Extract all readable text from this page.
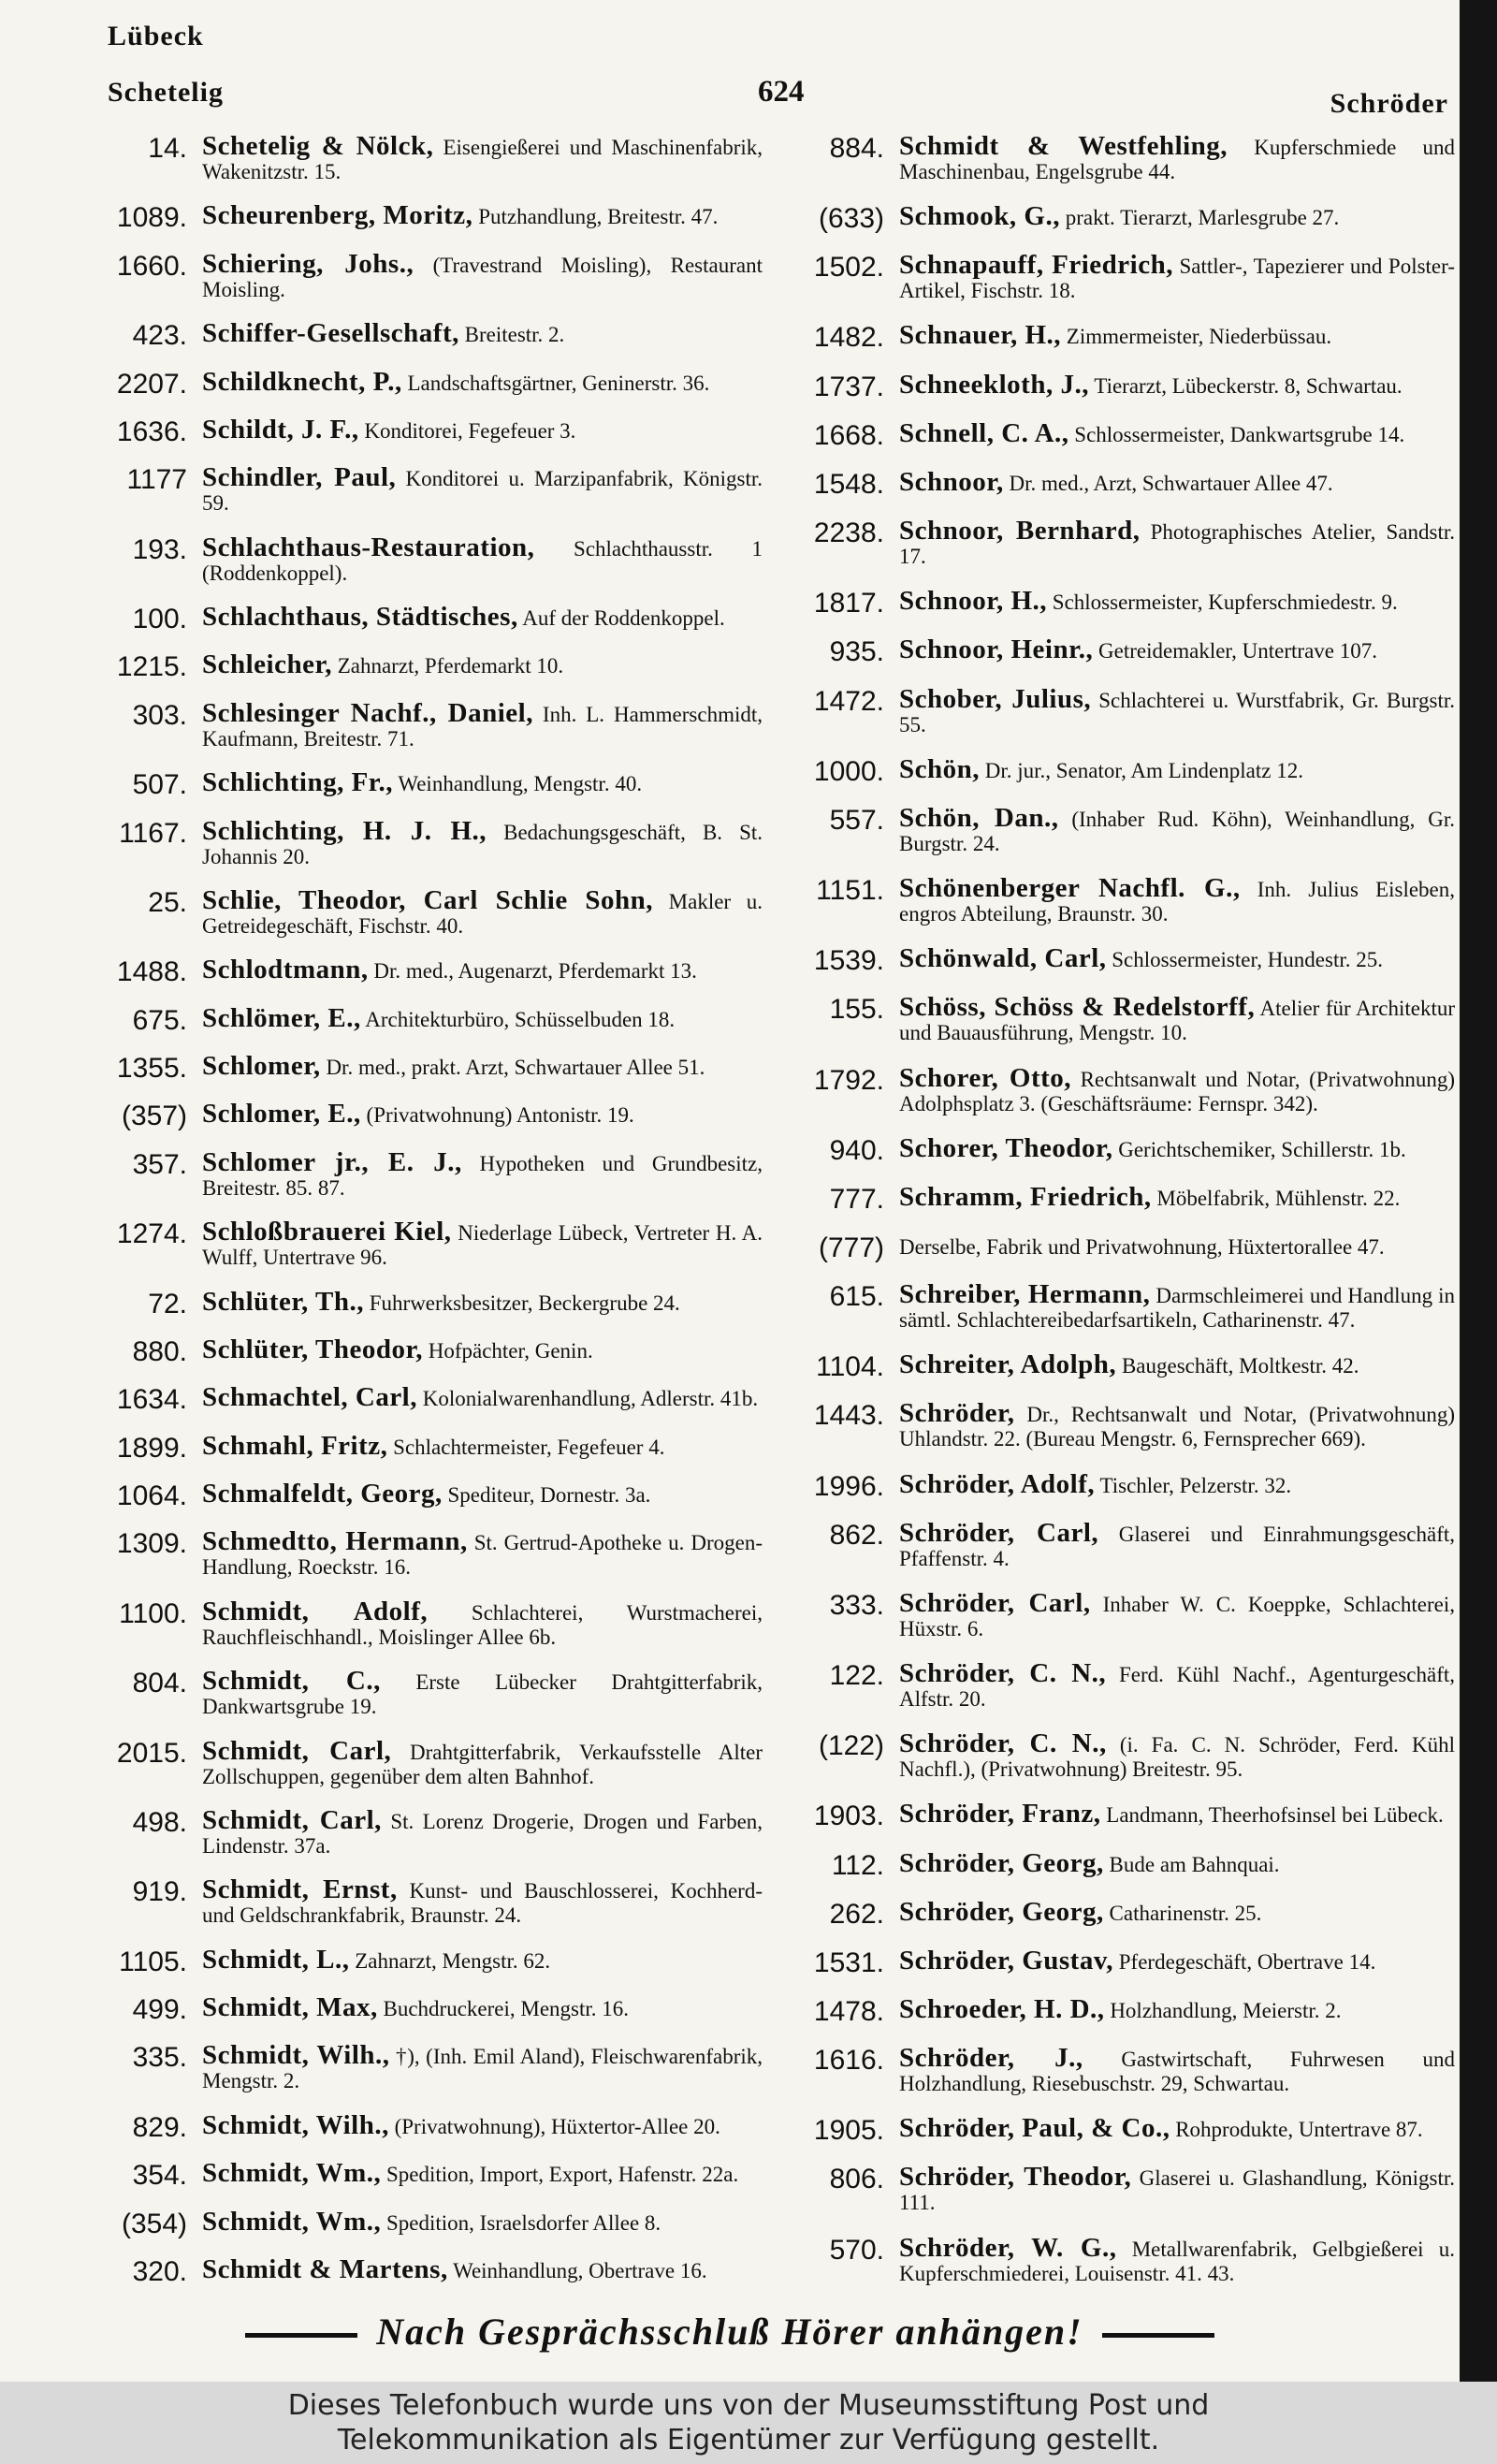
Lübeck
Schetelig	624	Schröder
14. Schetelig & Nölck, Eisengießerei und Maschinenfabrik, Wakenitzstr. 15.
1089. Scheurenberg, Moritz, Putzhandlung, Breitestr. 47.
1660. Schiering, Johs., (Travestrand Moisling), Restaurant Moisling.
423. Schiffer-Gesellschaft, Breitestr. 2.
2207. Schildknecht, P., Landschaftsgärtner, Geninerstr. 36.
1636. Schildt, J. F., Konditorei, Fegefeuer 3.
1177 Schindler, Paul, Konditorei u. Marzipanfabrik, Königstr. 59.
193. Schlachthaus-Restauration, Schlachthausstr. 1 (Roddenkoppel).
100. Schlachthaus, Städtisches, Auf der Roddenkoppel.
1215. Schleicher, Zahnarzt, Pferdemarkt 10.
303. Schlesinger Nachf., Daniel, Inh. L. Hammerschmidt, Kaufmann, Breitestr. 71.
507. Schlichting, Fr., Weinhandlung, Mengstr. 40.
1167. Schlichting, H. J. H., Bedachungsgeschäft, B. St. Johannis 20.
25. Schlie, Theodor, Carl Schlie Sohn, Makler u. Getreidegeschäft, Fischstr. 40.
1488. Schlodtmann, Dr. med., Augenarzt, Pferdemarkt 13.
675. Schlömer, E., Architekturbüro, Schüsselbuden 18.
1355. Schlomer, Dr. med., prakt. Arzt, Schwartauer Allee 51.
(357) Schlomer, E., (Privatwohnung) Antonistr. 19.
357. Schlomer jr., E. J., Hypotheken und Grundbesitz, Breitestr. 85. 87.
1274. Schloßbrauerei Kiel, Niederlage Lübeck, Vertreter H. A. Wulff, Untertrave 96.
72. Schlüter, Th., Fuhrwerksbesitzer, Beckergrube 24.
880. Schlüter, Theodor, Hofpächter, Genin.
1634. Schmachtel, Carl, Kolonialwarenhandlung, Adlerstr. 41b.
1899. Schmahl, Fritz, Schlachtermeister, Fegefeuer 4.
1064. Schmalfeldt, Georg, Spediteur, Dornestr. 3a.
1309. Schmedtto, Hermann, St. Gertrud-Apotheke u. Drogen-Handlung, Roeckstr. 16.
1100. Schmidt, Adolf, Schlachterei, Wurstmacherei, Rauchfleischhandl., Moislinger Allee 6b.
804. Schmidt, C., Erste Lübecker Drahtgitterfabrik, Dankwartsgrube 19.
2015. Schmidt, Carl, Drahtgitterfabrik, Verkaufsstelle Alter Zollschuppen, gegenüber dem alten Bahnhof.
498. Schmidt, Carl, St. Lorenz Drogerie, Drogen und Farben, Lindenstr. 37a.
919. Schmidt, Ernst, Kunst- und Bauschlosserei, Kochherd- und Geldschrankfabrik, Braunstr. 24.
1105. Schmidt, L., Zahnarzt, Mengstr. 62.
499. Schmidt, Max, Buchdruckerei, Mengstr. 16.
335. Schmidt, Wilh., †), (Inh. Emil Aland), Fleischwarenfabrik, Mengstr. 2.
829. Schmidt, Wilh., (Privatwohnung), Hüxtertor-Allee 20.
354. Schmidt, Wm., Spedition, Import, Export, Hafenstr. 22a.
(354) Schmidt, Wm., Spedition, Israelsdorfer Allee 8.
320. Schmidt & Martens, Weinhandlung, Obertrave 16.
884. Schmidt & Westfehling, Kupferschmiede und Maschinenbau, Engelsgrube 44.
(633) Schmook, G., prakt. Tierarzt, Marlesgrube 27.
1502. Schnapauff, Friedrich, Sattler-, Tapezierer und Polster-Artikel, Fischstr. 18.
1482. Schnauer, H., Zimmermeister, Niederbüssau.
1737. Schneekloth, J., Tierarzt, Lübeckerstr. 8, Schwartau.
1668. Schnell, C. A., Schlossermeister, Dankwartsgrube 14.
1548. Schnoor, Dr. med., Arzt, Schwartauer Allee 47.
2238. Schnoor, Bernhard, Photographisches Atelier, Sandstr. 17.
1817. Schnoor, H., Schlossermeister, Kupferschmiedestr. 9.
935. Schnoor, Heinr., Getreidemakler, Untertrave 107.
1472. Schober, Julius, Schlachterei u. Wurstfabrik, Gr. Burgstr. 55.
1000. Schön, Dr. jur., Senator, Am Lindenplatz 12.
557. Schön, Dan., (Inhaber Rud. Köhn), Weinhandlung, Gr. Burgstr. 24.
1151. Schönenberger Nachfl. G., Inh. Julius Eisleben, engros Abteilung, Braunstr. 30.
1539. Schönwald, Carl, Schlossermeister, Hundestr. 25.
155. Schöss, Schöss & Redelstorff, Atelier für Architektur und Bauausführung, Mengstr. 10.
1792. Schorer, Otto, Rechtsanwalt und Notar, (Privatwohnung) Adolphsplatz 3. (Geschäftsräume: Fernspr. 342).
940. Schorer, Theodor, Gerichtschemiker, Schillerstr. 1b.
777. Schramm, Friedrich, Möbelfabrik, Mühlenstr. 22.
(777) Derselbe, Fabrik und Privatwohnung, Hüxtertorallee 47.
615. Schreiber, Hermann, Darmschleimerei und Handlung in sämtl. Schlachtereibedarfsartikeln, Catharinenstr. 47.
1104. Schreiter, Adolph, Baugeschäft, Moltkestr. 42.
1443. Schröder, Dr., Rechtsanwalt und Notar, (Privatwohnung) Uhlandstr. 22. (Bureau Mengstr. 6, Fernsprecher 669).
1996. Schröder, Adolf, Tischler, Pelzerstr. 32.
862. Schröder, Carl, Glaserei und Einrahmungsgeschäft, Pfaffenstr. 4.
333. Schröder, Carl, Inhaber W. C. Koeppke, Schlachterei, Hüxstr. 6.
122. Schröder, C. N., Ferd. Kühl Nachf., Agenturgeschäft, Alfstr. 20.
(122) Schröder, C. N., (i. Fa. C. N. Schröder, Ferd. Kühl Nachfl.), (Privatwohnung) Breitestr. 95.
1903. Schröder, Franz, Landmann, Theerhofsinsel bei Lübeck.
112. Schröder, Georg, Bude am Bahnquai.
262. Schröder, Georg, Catharinenstr. 25.
1531. Schröder, Gustav, Pferdegeschäft, Obertrave 14.
1478. Schroeder, H. D., Holzhandlung, Meierstr. 2.
1616. Schröder, J., Gastwirtschaft, Fuhrwesen und Holzhandlung, Riesebuschstr. 29, Schwartau.
1905. Schröder, Paul, & Co., Rohprodukte, Untertrave 87.
806. Schröder, Theodor, Glaserei u. Glashandlung, Königstr. 111.
570. Schröder, W. G., Metallwarenfabrik, Gelbgießerei u. Kupferschmiederei, Louisenstr. 41. 43.
Nach Gesprächsschluß Hörer anhängen!
Dieses Telefonbuch wurde uns von der Museumsstiftung Post und
Telekommunikation als Eigentümer zur Verfügung gestellt.
